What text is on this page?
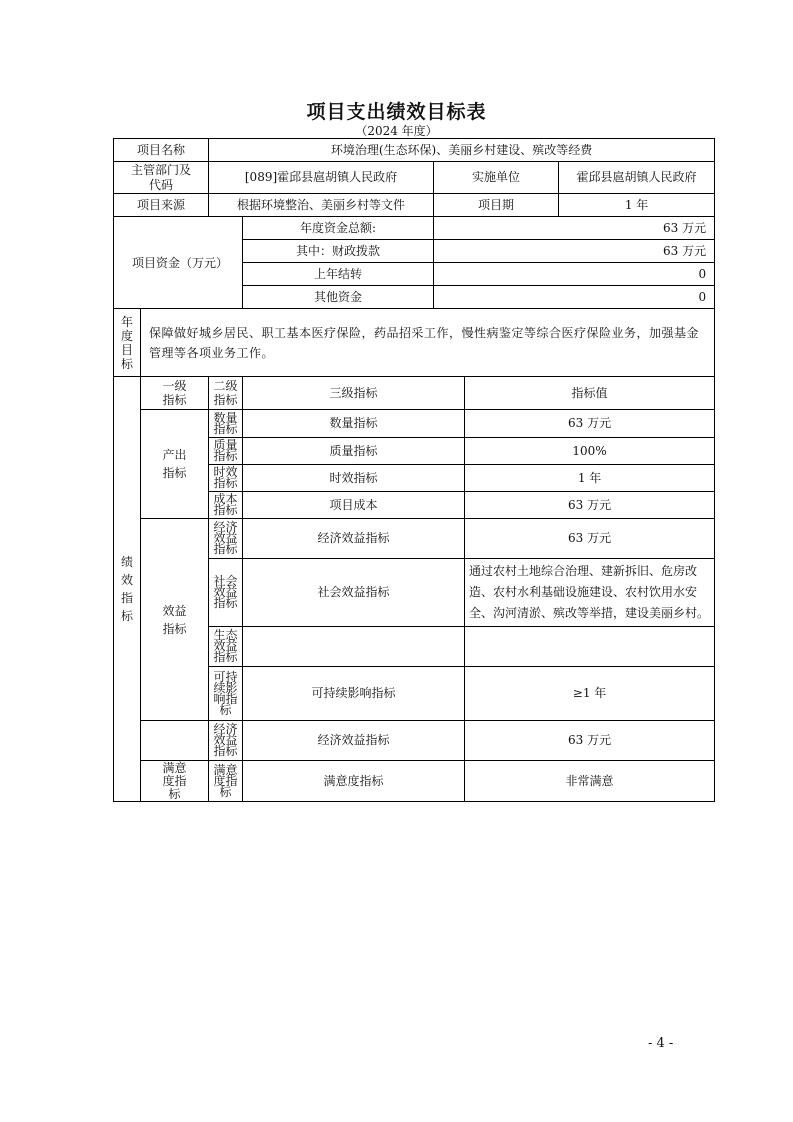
项目支出绩效目标表
（2024 年度）
项目名称		环境治理(生态环保)、美丽乡村建设、殡改等经费				
主管部门及代码		[089]霍邱县扈胡镇人民政府		实施单位		霍邱县扈胡镇人民政府
项目来源		根据环境整治、美丽乡村等文件		项目期		1 年
项目资金（万元）			年度资金总额:	63 万元		
			其中：财政拨款	63 万元		
			上年结转	0		
			其他资金	0		
年度目标	保障做好城乡居民、职工基本医疗保险，药品招采工作，慢性病鉴定等综合医疗保险业务，加强基金管理等各项业务工作。					
绩效指标	一级指标	二级指标	三级指标		指标值	
	产出指标	数量指标	数量指标		63 万元	
		质量指标	质量指标		100%	
		时效指标	时效指标		1 年	
		成本指标	项目成本		63 万元	
	效益指标	经济效益指标	经济效益指标		63 万元	
		社会效益指标	社会效益指标		通过农村土地综合治理、建新拆旧、危房改造、农村水利基础设施建设、农村饮用水安全、沟河清淤、殡改等举措，建设美丽乡村。	
		生态效益指标				
		可持续影响指标	可持续影响指标		≥1 年	
		经济效益指标	经济效益指标		63 万元	
	满意度指标	满意度指标	满意度指标		非常满意	
- 4 -
